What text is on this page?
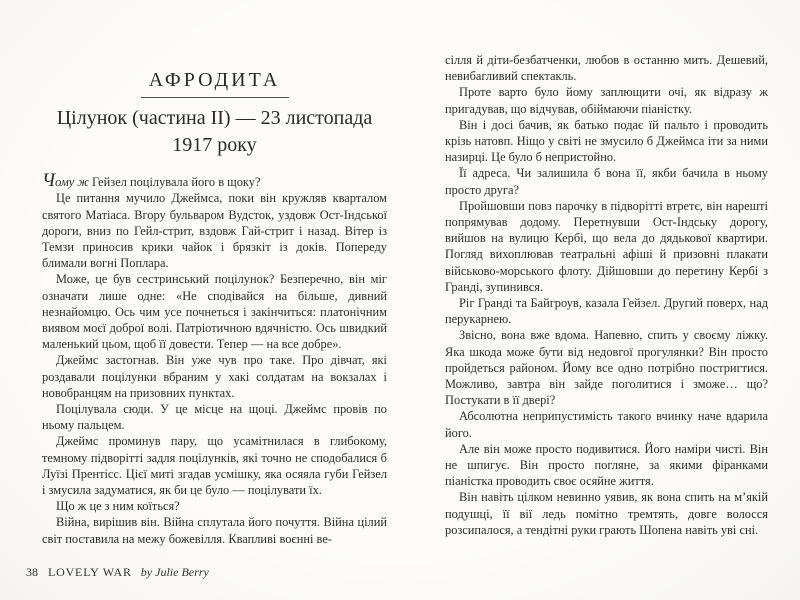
АФРОДИТА
Цілунок (частина II) — 23 листопада
1917 року

Чому ж Гейзел поцілувала його в щоку?

Це питання мучило Джеймса, поки він кружляв кварталом святого Матіаса. Вгору бульваром Вудсток, уздовж Ост-Індської дороги, вниз по Гейл-стрит, вздовж Гай-стрит і назад. Вітер із Темзи приносив крики чайок і брязкіт із доків. Попереду блимали вогні Поплара.

Може, це був сестринський поцілунок? Безперечно, він міг означати лише одне: «Не сподівайся на більше, дивний незнайомцю. Ось чим усе почнеться і закінчиться: платонічним виявом моєї доброї волі. Патріотичною вдячністю. Ось швидкий маленький цьом, щоб її довести. Тепер — на все добре».

Джеймс застогнав. Він уже чув про таке. Про дівчат, які роздавали поцілунки вбраним у хакі солдатам на вокзалах і новобранцям на призовних пунктах.

Поцілувала сюди. У це місце на щоці. Джеймс провів по ньому пальцем.

Джеймс проминув пару, що усамітнилася в глибокому, темному підворітті задля поцілунків, які точно не сподобалися б Луїзі Прентісс. Цієї миті згадав усмішку, яка осяяла губи Гейзел і змусила задуматися, як би це було — поцілувати їх.

Що ж це з ним коїться?

Війна, вирішив він. Війна сплутала його почуття. Війна цілий світ поставила на межу божевілля. Квапливі воєнні ве-

сілля й діти-безбатченки, любов в останню мить. Дешевий, невибагливий спектакль.

Проте варто було йому заплющити очі, як відразу ж пригадував, що відчував, обіймаючи піаністку.

Він і досі бачив, як батько подає їй пальто і проводить крізь натовп. Ніщо у світі не змусило б Джеймса іти за ними назирці. Це було б непристойно.

Її адреса. Чи залишила б вона її, якби бачила в ньому просто друга?

Пройшовши повз парочку в підворітті втретє, він нарешті попрямував додому. Перетнувши Ост-Індську дорогу, вийшов на вулицю Кербі, що вела до дядькової квартири. Погляд вихоплював театральні афіші й призовні плакати військово-морського флоту. Дійшовши до перетину Кербі з Гранді, зупинився.

Ріг Гранді та Байгроув, казала Гейзел. Другий поверх, над перукарнею.

Звісно, вона вже вдома. Напевно, спить у своєму ліжку. Яка шкода може бути від недовгої прогулянки? Він просто пройдеться районом. Йому все одно потрібно постригтися. Можливо, завтра він зайде поголитися і зможе… що? Постукати в її двері?

Абсолютна неприпустимість такого вчинку наче вдарила його.

Але він може просто подивитися. Його наміри чисті. Він не шпигує. Він просто погляне, за якими фіранками піаністка проводить своє осяйне життя.

Він навіть цілком невинно уявив, як вона спить на м’якій подушці, її вії ледь помітно тремтять, довге волосся розсипалося, а тендітні руки грають Шопена навіть уві сні.

38 LOVELY WAR by Julie Berry
